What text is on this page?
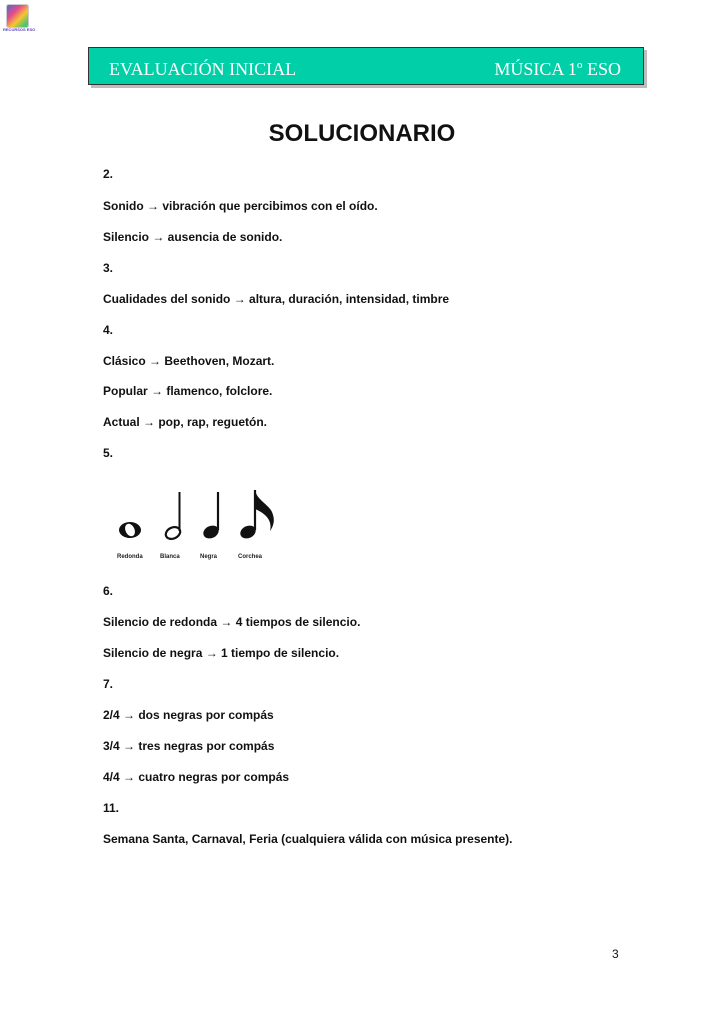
RECURSOS ESO
EVALUACIÓN INICIAL	MÚSICA 1º ESO
SOLUCIONARIO
2.
Sonido → vibración que percibimos con el oído.
Silencio → ausencia de sonido.
3.
Cualidades del sonido → altura, duración, intensidad, timbre
4.
Clásico → Beethoven, Mozart.
Popular → flamenco, folclore.
Actual → pop, rap, reguetón.
5.
Redonda	Blanca	Negra	Corchea
6.
Silencio de redonda → 4 tiempos de silencio.
Silencio de negra → 1 tiempo de silencio.
7.
2/4 → dos negras por compás
3/4 → tres negras por compás
4/4 → cuatro negras por compás
11.
Semana Santa, Carnaval, Feria (cualquiera válida con música presente).
3
